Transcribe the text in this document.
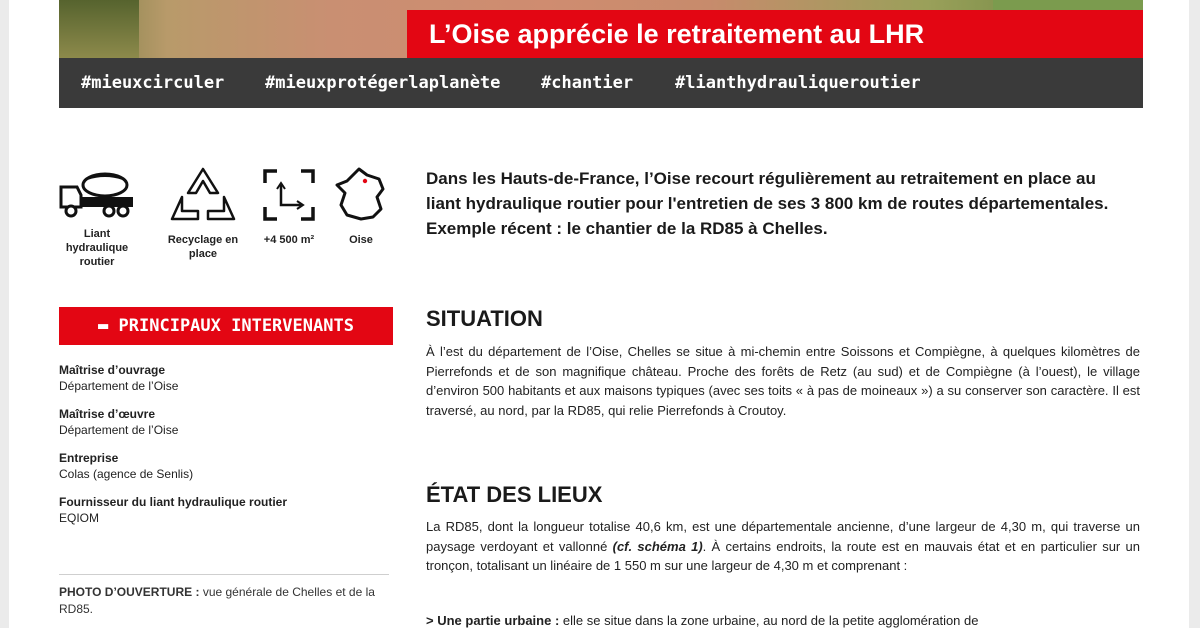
L’Oise apprécie le retraitement au LHR
#mieuxcirculer #mieuxprotégerlaplanète #chantier #lianthydrauliqueroutier
Liant hydraulique routier
Recyclage en place
+4 500 m²	Oise
▬ PRINCIPAUX INTERVENANTS
Maîtrise d’ouvrage
Département de l’Oise
Maîtrise d’œuvre
Département de l’Oise
Entreprise
Colas (agence de Senlis)
Fournisseur du liant hydraulique routier
EQIOM
PHOTO D’OUVERTURE : vue générale de Chelles et de la RD85.
Dans les Hauts-de-France, l’Oise recourt régulièrement au retraitement en place au liant hydraulique routier pour l'entretien de ses 3 800 km de routes départementales. Exemple récent : le chantier de la RD85 à Chelles.
SITUATION
À l’est du département de l’Oise, Chelles se situe à mi-chemin entre Soissons et Compiègne, à quelques kilomètres de Pierrefonds et de son magnifique château. Proche des forêts de Retz (au sud) et de Compiègne (à l’ouest), le village d’environ 500 habitants et aux maisons typiques (avec ses toits « à pas de moineaux ») a su conserver son caractère. Il est traversé, au nord, par la RD85, qui relie Pierrefonds à Croutoy.
ÉTAT DES LIEUX
La RD85, dont la longueur totalise 40,6 km, est une départementale ancienne, d’une largeur de 4,30 m, qui traverse un paysage verdoyant et vallonné (cf. schéma 1). À certains endroits, la route est en mauvais état et en particulier sur un tronçon, totalisant un linéaire de 1 550 m sur une largeur de 4,30 m et comprenant :
> Une partie urbaine : elle se situe dans la zone urbaine, au nord de la petite agglomération de
